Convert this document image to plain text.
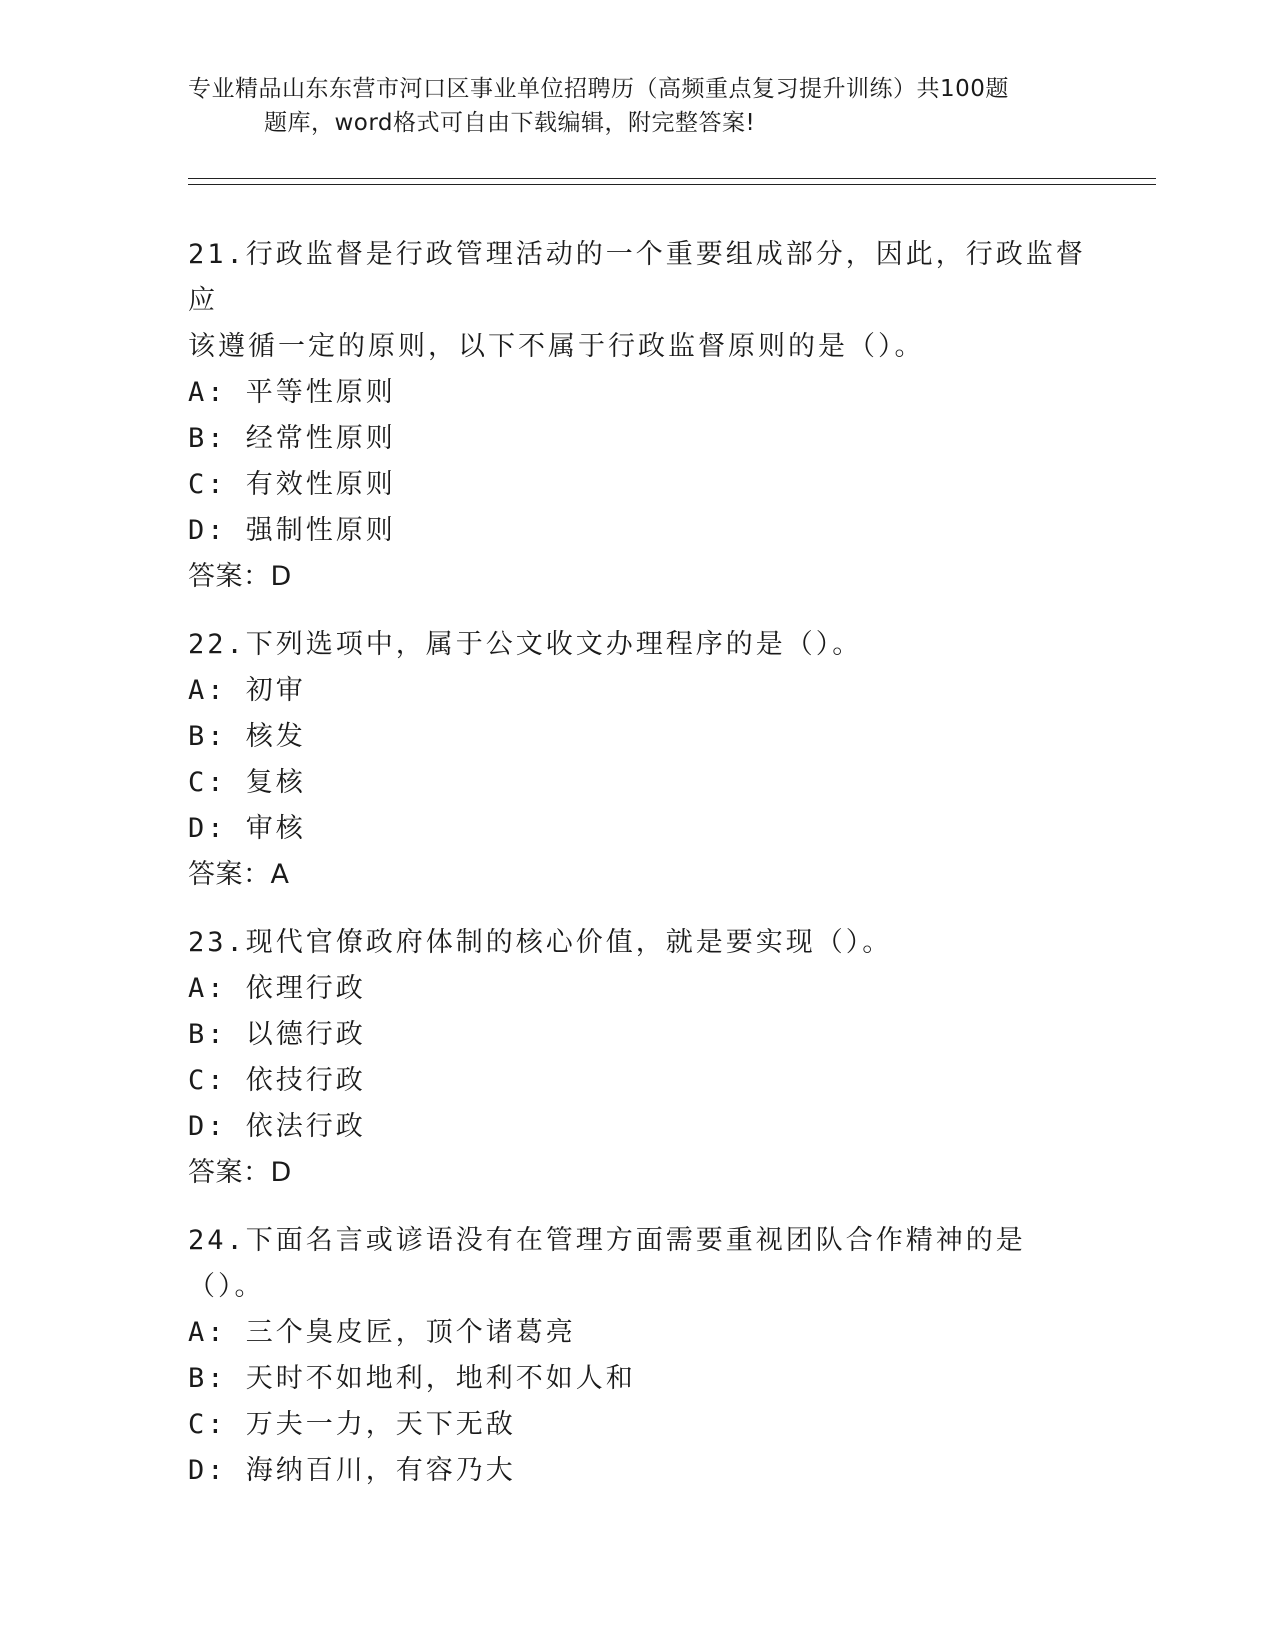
专业精品山东东营市河口区事业单位招聘历（高频重点复习提升训练）共100题
题库，word格式可自由下载编辑，附完整答案!
21.行政监督是行政管理活动的一个重要组成部分，因此，行政监督应
该遵循一定的原则，以下不属于行政监督原则的是（）。
A: 平等性原则
B: 经常性原则
C: 有效性原则
D: 强制性原则
答案：D
22.下列选项中，属于公文收文办理程序的是（）。
A: 初审
B: 核发
C: 复核
D: 审核
答案：A
23.现代官僚政府体制的核心价值，就是要实现（）。
A: 依理行政
B: 以德行政
C: 依技行政
D: 依法行政
答案：D
24.下面名言或谚语没有在管理方面需要重视团队合作精神的是（）。
A: 三个臭皮匠，顶个诸葛亮
B: 天时不如地利，地利不如人和
C: 万夫一力，天下无敌
D: 海纳百川，有容乃大
